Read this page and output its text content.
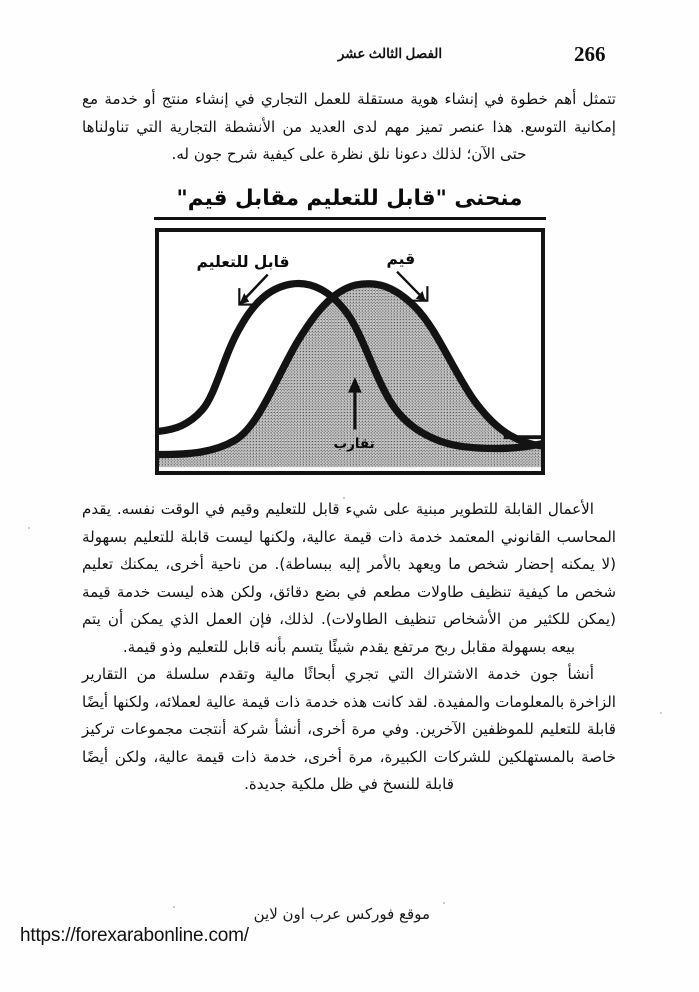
الفصل الثالث عشر	266

تتمثل أهم خطوة في إنشاء هوية مستقلة للعمل التجاري في إنشاء منتج أو خدمة مع إمكانية التوسع. هذا عنصر تميز مهم لدى العديد من الأنشطة التجارية التي تناولناها حتى الآن؛ لذلك دعونا نلق نظرة على كيفية شرح جون له.

منحنى "قابل للتعليم مقابل قيم"
قيم
قابل للتعليم
تقارب

الأعمال القابلة للتطوير مبنية على شيء قابل للتعليم وقيم في الوقت نفسه. يقدم المحاسب القانوني المعتمد خدمة ذات قيمة عالية، ولكنها ليست قابلة للتعليم بسهولة (لا يمكنه إحضار شخص ما ويعهد بالأمر إليه ببساطة). من ناحية أخرى، يمكنك تعليم شخص ما كيفية تنظيف طاولات مطعم في بضع دقائق، ولكن هذه ليست خدمة قيمة (يمكن للكثير من الأشخاص تنظيف الطاولات). لذلك، فإن العمل الذي يمكن أن يتم بيعه بسهولة مقابل ربح مرتفع يقدم شيئًا يتسم بأنه قابل للتعليم وذو قيمة.

أنشأ جون خدمة الاشتراك التي تجري أبحاثًا مالية وتقدم سلسلة من التقارير الزاخرة بالمعلومات والمفيدة. لقد كانت هذه خدمة ذات قيمة عالية لعملائه، ولكنها أيضًا قابلة للتعليم للموظفين الآخرين. وفي مرة أخرى، أنشأ شركة أنتجت مجموعات تركيز خاصة بالمستهلكين للشركات الكبيرة، مرة أخرى، خدمة ذات قيمة عالية، ولكن أيضًا قابلة للنسخ في ظل ملكية جديدة.

موقع فوركس عرب اون لاين
https://forexarabonline.com/
